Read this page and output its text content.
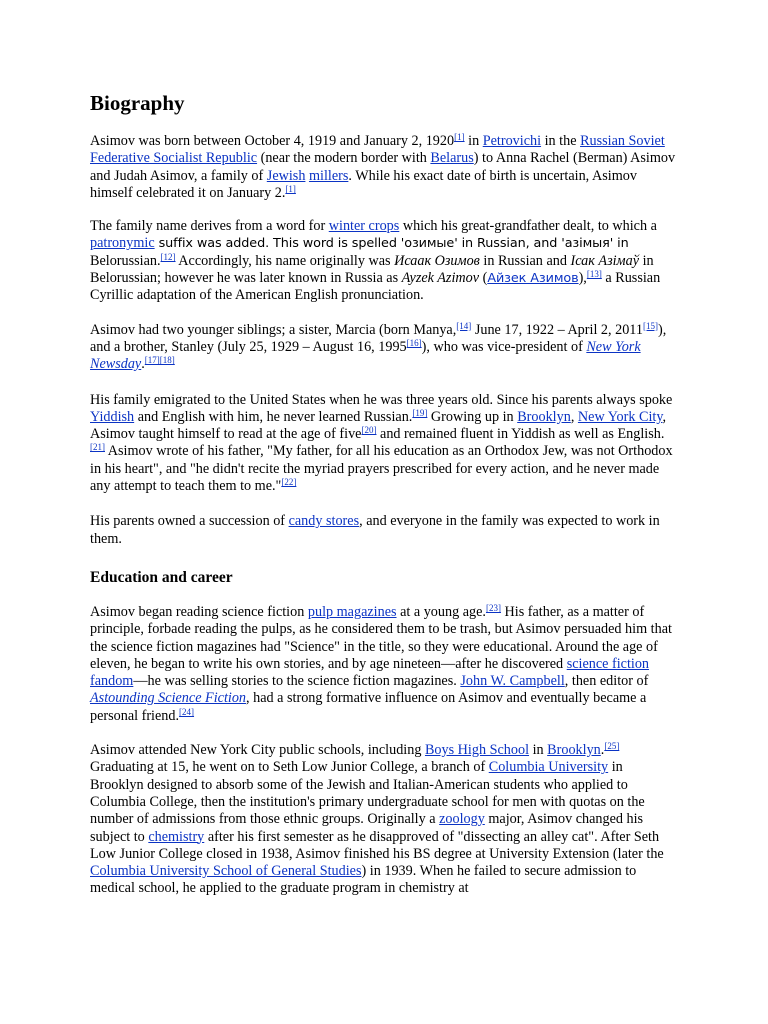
Biography

Asimov was born between October 4, 1919 and January 2, 1920[1] in Petrovichi in the Russian Soviet Federative Socialist Republic (near the modern border with Belarus) to Anna Rachel (Berman) Asimov and Judah Asimov, a family of Jewish millers. While his exact date of birth is uncertain, Asimov himself celebrated it on January 2.[1]

The family name derives from a word for winter crops which his great-grandfather dealt, to which a patronymic suffix was added. This word is spelled 'озимые' in Russian, and 'азімыя' in Belorussian.[12] Accordingly, his name originally was Исаак Озимов in Russian and Ісак Азімаў in Belorussian; however he was later known in Russia as Ayzek Azimov (Айзек Азимов),[13] a Russian Cyrillic adaptation of the American English pronunciation.

Asimov had two younger siblings; a sister, Marcia (born Manya,[14] June 17, 1922 – April 2, 2011[15]), and a brother, Stanley (July 25, 1929 – August 16, 1995[16]), who was vice-president of New York Newsday.[17][18]

His family emigrated to the United States when he was three years old. Since his parents always spoke Yiddish and English with him, he never learned Russian.[19] Growing up in Brooklyn, New York City, Asimov taught himself to read at the age of five[20] and remained fluent in Yiddish as well as English.[21] Asimov wrote of his father, "My father, for all his education as an Orthodox Jew, was not Orthodox in his heart", and "he didn't recite the myriad prayers prescribed for every action, and he never made any attempt to teach them to me."[22]

His parents owned a succession of candy stores, and everyone in the family was expected to work in them.

Education and career

Asimov began reading science fiction pulp magazines at a young age.[23] His father, as a matter of principle, forbade reading the pulps, as he considered them to be trash, but Asimov persuaded him that the science fiction magazines had "Science" in the title, so they were educational. Around the age of eleven, he began to write his own stories, and by age nineteen—after he discovered science fiction fandom—he was selling stories to the science fiction magazines. John W. Campbell, then editor of Astounding Science Fiction, had a strong formative influence on Asimov and eventually became a personal friend.[24]

Asimov attended New York City public schools, including Boys High School in Brooklyn.[25] Graduating at 15, he went on to Seth Low Junior College, a branch of Columbia University in Brooklyn designed to absorb some of the Jewish and Italian-American students who applied to Columbia College, then the institution's primary undergraduate school for men with quotas on the number of admissions from those ethnic groups. Originally a zoology major, Asimov changed his subject to chemistry after his first semester as he disapproved of "dissecting an alley cat". After Seth Low Junior College closed in 1938, Asimov finished his BS degree at University Extension (later the Columbia University School of General Studies) in 1939. When he failed to secure admission to medical school, he applied to the graduate program in chemistry at
